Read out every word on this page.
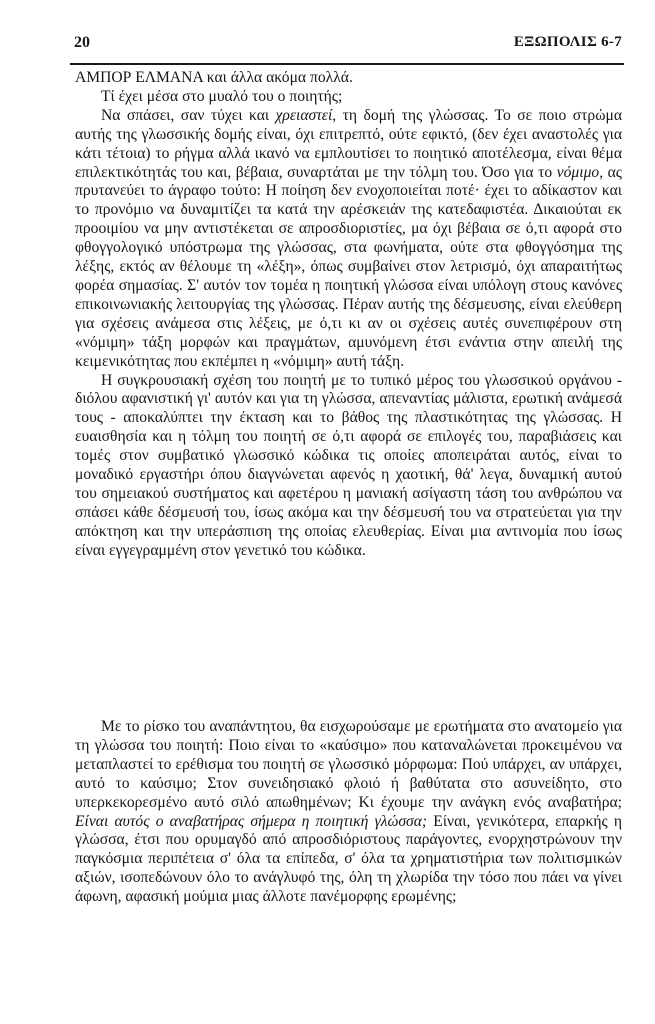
20	ΕΞΩΠΟΛΙΣ 6-7

ΑΜΠΟΡ ΕΛΜΑΝΑ και άλλα ακόμα πολλά.

Τί έχει μέσα στο μυαλό του ο ποιητής;

Να σπάσει, σαν τύχει και χρειαστεί, τη δομή της γλώσσας. Το σε ποιο στρώμα αυτής της γλωσσικής δομής είναι, όχι επιτρεπτό, ούτε εφικτό, (δεν έχει αναστολές για κάτι τέτοια) το ρήγμα αλλά ικανό να εμπλουτίσει το ποιητικό αποτέλεσμα, είναι θέμα επιλεκτικότητάς του και, βέβαια, συναρτάται με την τόλμη του. Όσο για το νόμιμο, ας πρυτανεύει το άγραφο τούτο: Η ποίηση δεν ενοχοποιείται ποτέ· έχει το αδίκαστον και το προνόμιο να δυναμιτίζει τα κατά την αρέσκειάν της κατεδαφιστέα. Δικαιούται εκ προοιμίου να μην αντιστέκεται σε απροσδιοριστίες, μα όχι βέβαια σε ό,τι αφορά στο φθογγολογικό υπόστρωμα της γλώσσας, στα φωνήματα, ούτε στα φθογγόσημα της λέξης, εκτός αν θέλουμε τη «λέξη», όπως συμβαίνει στον λετρισμό, όχι απαραιτήτως φορέα σημασίας. Σ' αυτόν τον τομέα η ποιητική γλώσσα είναι υπόλογη στους κανόνες επικοινωνιακής λειτουργίας της γλώσσας. Πέραν αυτής της δέσμευσης, είναι ελεύθερη για σχέσεις ανάμεσα στις λέξεις, με ό,τι κι αν οι σχέσεις αυτές συνεπιφέρουν στη «νόμιμη» τάξη μορφών και πραγμάτων, αμυνόμενη έτσι ενάντια στην απειλή της κειμενικότητας που εκπέμπει η «νόμιμη» αυτή τάξη.

Η συγκρουσιακή σχέση του ποιητή με το τυπικό μέρος του γλωσσικού οργάνου - διόλου αφανιστική γι' αυτόν και για τη γλώσσα, απεναντίας μάλιστα, ερωτική ανάμεσά τους - αποκαλύπτει την έκταση και το βάθος της πλαστικότητας της γλώσσας. Η ευαισθησία και η τόλμη του ποιητή σε ό,τι αφορά σε επιλογές του, παραβιάσεις και τομές στον συμβατικό γλωσσικό κώδικα τις οποίες αποπειράται αυτός, είναι το μοναδικό εργαστήρι όπου διαγνώνεται αφενός η χαοτική, θά' λεγα, δυναμική αυτού του σημειακού συστήματος και αφετέρου η μανιακή ασίγαστη τάση του ανθρώπου να σπάσει κάθε δέσμευσή του, ίσως ακόμα και την δέσμευσή του να στρατεύεται για την απόκτηση και την υπεράσπιση της οποίας ελευθερίας. Είναι μια αντινομία που ίσως είναι εγγεγραμμένη στον γενετικό του κώδικα.

Με το ρίσκο του αναπάντητου, θα εισχωρούσαμε με ερωτήματα στο ανατομείο για τη γλώσσα του ποιητή: Ποιο είναι το «καύσιμο» που καταναλώνεται προκειμένου να μεταπλαστεί το ερέθισμα του ποιητή σε γλωσσικό μόρφωμα: Πού υπάρχει, αν υπάρχει, αυτό το καύσιμο; Στον συνειδησιακό φλοιό ή βαθύτατα στο ασυνείδητο, στο υπερκεκορεσμένο αυτό σιλό απωθημένων; Κι έχουμε την ανάγκη ενός αναβατήρα; Είναι αυτός ο αναβατήρας σήμερα η ποιητική γλώσσα; Είναι, γενικότερα, επαρκής η γλώσσα, έτσι που ορυμαγδό από απροσδιόριστους παράγοντες, ενορχηστρώνουν την παγκόσμια περιπέτεια σ' όλα τα επίπεδα, σ' όλα τα χρηματιστήρια των πολιτισμικών αξιών, ισοπεδώνουν όλο το ανάγλυφό της, όλη τη χλωρίδα την τόσο που πάει να γίνει άφωνη, αφασική μούμια μιας άλλοτε πανέμορφης ερωμένης;
